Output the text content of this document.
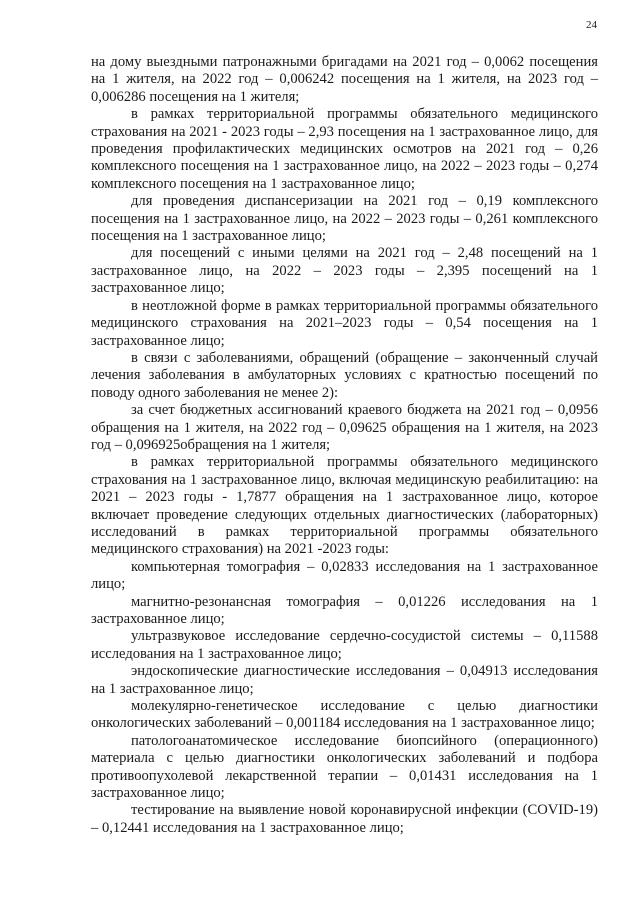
24

на дому выездными патронажными бригадами на 2021 год – 0,0062 посещения на 1 жителя, на 2022 год – 0,006242 посещения на 1 жителя, на 2023 год – 0,006286 посещения на 1 жителя;

в рамках территориальной программы обязательного медицинского страхования на 2021 - 2023 годы – 2,93 посещения на 1 застрахованное лицо, для проведения профилактических медицинских осмотров на 2021 год – 0,26 комплексного посещения на 1 застрахованное лицо, на 2022 – 2023 годы – 0,274 комплексного посещения на 1 застрахованное лицо;

для проведения диспансеризации на 2021 год – 0,19 комплексного посещения на 1 застрахованное лицо, на 2022 – 2023 годы – 0,261 комплексного посещения на 1 застрахованное лицо;

для посещений с иными целями на 2021 год – 2,48 посещений на 1 застрахованное лицо, на 2022 – 2023 годы – 2,395 посещений на 1 застрахованное лицо;

в неотложной форме в рамках территориальной программы обязательного медицинского страхования на 2021–2023 годы – 0,54 посещения на 1 застрахованное лицо;

в связи с заболеваниями, обращений (обращение – законченный случай лечения заболевания в амбулаторных условиях с кратностью посещений по поводу одного заболевания не менее 2):

за счет бюджетных ассигнований краевого бюджета на 2021 год – 0,0956 обращения на 1 жителя, на 2022 год – 0,09625 обращения на 1 жителя, на 2023 год – 0,096925обращения на 1 жителя;

в рамках территориальной программы обязательного медицинского страхования на 1 застрахованное лицо, включая медицинскую реабилитацию: на 2021 – 2023 годы - 1,7877 обращения на 1 застрахованное лицо, которое включает проведение следующих отдельных диагностических (лабораторных) исследований в рамках территориальной программы обязательного медицинского страхования) на 2021 -2023 годы:

компьютерная томография – 0,02833 исследования на 1 застрахованное лицо;

магнитно-резонансная томография – 0,01226 исследования на 1 застрахованное лицо;

ультразвуковое исследование сердечно-сосудистой системы – 0,11588 исследования на 1 застрахованное лицо;

эндоскопические диагностические исследования – 0,04913 исследования на 1 застрахованное лицо;

молекулярно-генетическое исследование с целью диагностики онкологических заболеваний – 0,001184 исследования на 1 застрахованное лицо;

патологоанатомическое исследование биопсийного (операционного) материала с целью диагностики онкологических заболеваний и подбора противоопухолевой лекарственной терапии – 0,01431 исследования на 1 застрахованное лицо;

тестирование на выявление новой коронавирусной инфекции (COVID-19) – 0,12441 исследования на 1 застрахованное лицо;
